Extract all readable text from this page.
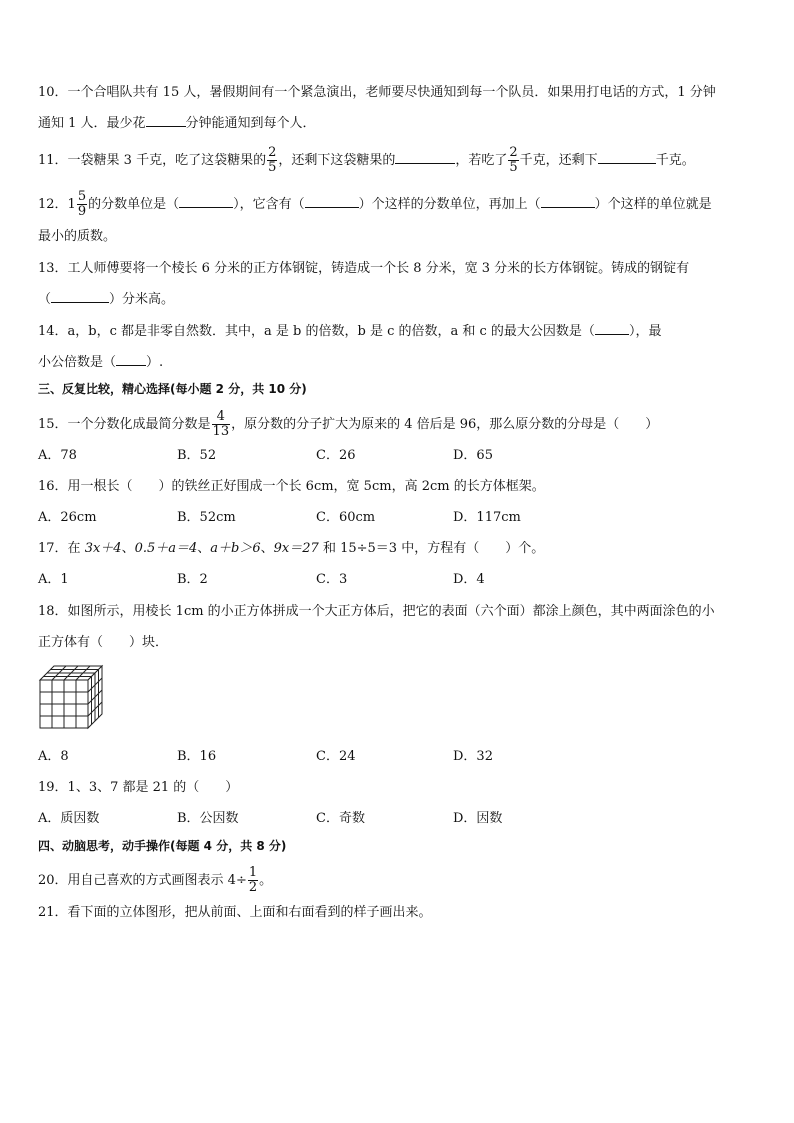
10．一个合唱队共有 15 人，暑假期间有一个紧急演出，老师要尽快通知到每一个队员．如果用打电话的方式，1 分钟
通知 1 人．最少花	分钟能通知到每个人．
11．一袋糖果 3 千克，吃了这袋糖果的 $\frac{2}{5}$ ，还剩下这袋糖果的	，若吃了 $\frac{2}{5}$ 千克，还剩下	千克。
12．$1 \frac{5}{9}$ 的分数单位是（	），它含有（	）个这样的分数单位，再加上（	）个这样的单位就是
最小的质数。
13．工人师傅要将一个棱长 6 分米的正方体钢锭，铸造成一个长 8 分米，宽 3 分米的长方体钢锭。铸成的钢锭有
（	）分米高。
14．a，b，c 都是非零自然数．其中，a 是 b 的倍数，b 是 c 的倍数，a 和 c 的最大公因数是（	），最
小公倍数是（ ）.
三、反复比较，精心选择(每小题 2 分，共 10 分)
15．一个分数化成最简分数是 $\frac{4}{13}$ ，原分数的分子扩大为原来的 4 倍后是 96，那么原分数的分母是（　　）
A．78	B．52	C．26	D．65
16．用一根长（　　）的铁丝正好围成一个长 6cm，宽 5cm，高 2cm 的长方体框架。
A．26cm	B．52cm	C．60cm	D．117cm
17．在 3x＋4、0.5＋a＝4、a＋b＞6、9x＝27 和 15÷5＝3 中，方程有（　　）个。
A．1	B．2	C．3	D．4
18．如图所示，用棱长 1cm 的小正方体拼成一个大正方体后，把它的表面（六个面）都涂上颜色，其中两面涂色的小
正方体有（　　）块．
A．8	B．16	C．24	D．32
19．1、3、7 都是 21 的（　　）
A．质因数	B．公因数	C．奇数	D．因数
四、动脑思考，动手操作(每题 4 分，共 8 分)
20．用自己喜欢的方式画图表示 $4\div \frac{1}{2}$ 。
21．看下面的立体图形，把从前面、上面和右面看到的样子画出来。
